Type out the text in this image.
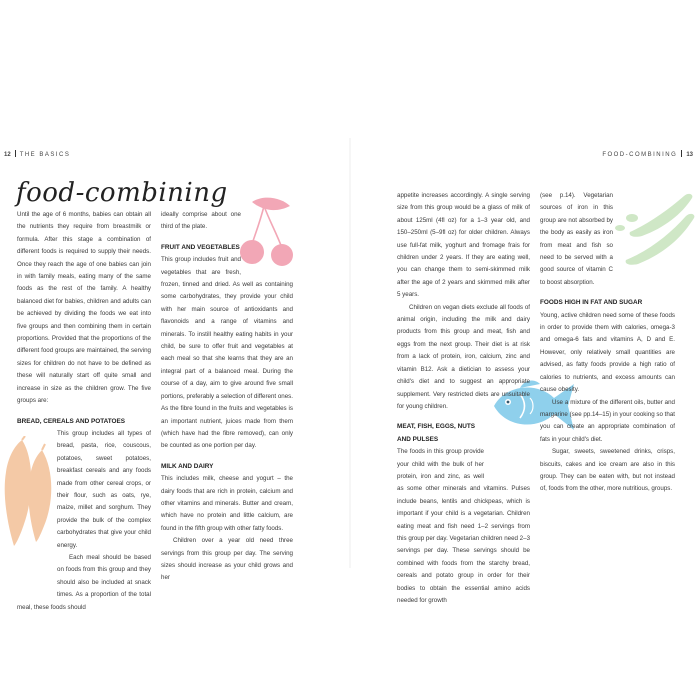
12 THE BASICS	FOOD-COMBINING 13
food-combining

Until the age of 6 months, babies can obtain all the nutrients they require from breastmilk or formula. After this stage a combination of different foods is required to supply their needs. Once they reach the age of one babies can join in with family meals, eating many of the same foods as the rest of the family. A healthy balanced diet for babies, children and adults can be achieved by dividing the foods we eat into five groups and then combining them in certain proportions. Provided that the proportions of the different food groups are maintained, the serving sizes for children do not have to be defined as these will naturally start off quite small and increase in size as the children grow. The five groups are:

BREAD, CEREALS AND POTATOES

This group includes all types of bread, pasta, rice, couscous, potatoes, sweet potatoes, breakfast cereals and any foods made from other cereal crops, or their flour, such as oats, rye, maize, millet and sorghum. They provide the bulk of the complex carbohydrates that give your child energy.

Each meal should be based on foods from this group and they should also be included at snack times. As a proportion of the total meal, these foods should

ideally comprise about one third of the plate.

FRUIT AND VEGETABLES

This group includes fruit and vegetables that are fresh, frozen, tinned and dried. As well as containing some carbohydrates, they provide your child with her main source of antioxidants and flavonoids and a range of vitamins and minerals. To instill healthy eating habits in your child, be sure to offer fruit and vegetables at each meal so that she learns that they are an integral part of a balanced meal. During the course of a day, aim to give around five small portions, preferably a selection of different ones. As the fibre found in the fruits and vegetables is an important nutrient, juices made from them (which have had the fibre removed), can only be counted as one portion per day.

MILK AND DAIRY

This includes milk, cheese and yogurt – the dairy foods that are rich in protein, calcium and other vitamins and minerals. Butter and cream, which have no protein and little calcium, are found in the fifth group with other fatty foods.

Children over a year old need three servings from this group per day. The serving sizes should increase as your child grows and her

appetite increases accordingly. A single serving size from this group would be a glass of milk of about 125ml (4fl oz) for a 1–3 year old, and 150–250ml (5–9fl oz) for older children. Always use full-fat milk, yoghurt and fromage frais for children under 2 years. If they are eating well, you can change them to semi-skimmed milk after the age of 2 years and skimmed milk after 5 years.

Children on vegan diets exclude all foods of animal origin, including the milk and dairy products from this group and meat, fish and eggs from the next group. Their diet is at risk from a lack of protein, iron, calcium, zinc and vitamin B12. Ask a dietician to assess your child's diet and to suggest an appropriate supplement. Very restricted diets are unsuitable for young children.

MEAT, FISH, EGGS, NUTS AND PULSES

The foods in this group provide your child with the bulk of her protein, iron and zinc, as well as some other minerals and vitamins. Pulses include beans, lentils and chickpeas, which is important if your child is a vegetarian. Children eating meat and fish need 1–2 servings from this group per day. Vegetarian children need 2–3 servings per day. These servings should be combined with foods from the starchy bread, cereals and potato group in order for their bodies to obtain the essential amino acids needed for growth

(see p.14). Vegetarian sources of iron in this group are not absorbed by the body as easily as iron from meat and fish so need to be served with a good source of vitamin C to boost absorption.

FOODS HIGH IN FAT AND SUGAR

Young, active children need some of these foods in order to provide them with calories, omega-3 and omega-6 fats and vitamins A, D and E. However, only relatively small quantities are advised, as fatty foods provide a high ratio of calories to nutrients, and excess amounts can cause obesity.

Use a mixture of the different oils, butter and margarine (see pp.14–15) in your cooking so that you can create an appropriate combination of fats in your child's diet.

Sugar, sweets, sweetened drinks, crisps, biscuits, cakes and ice cream are also in this group. They can be eaten with, but not instead of, foods from the other, more nutritious, groups.
